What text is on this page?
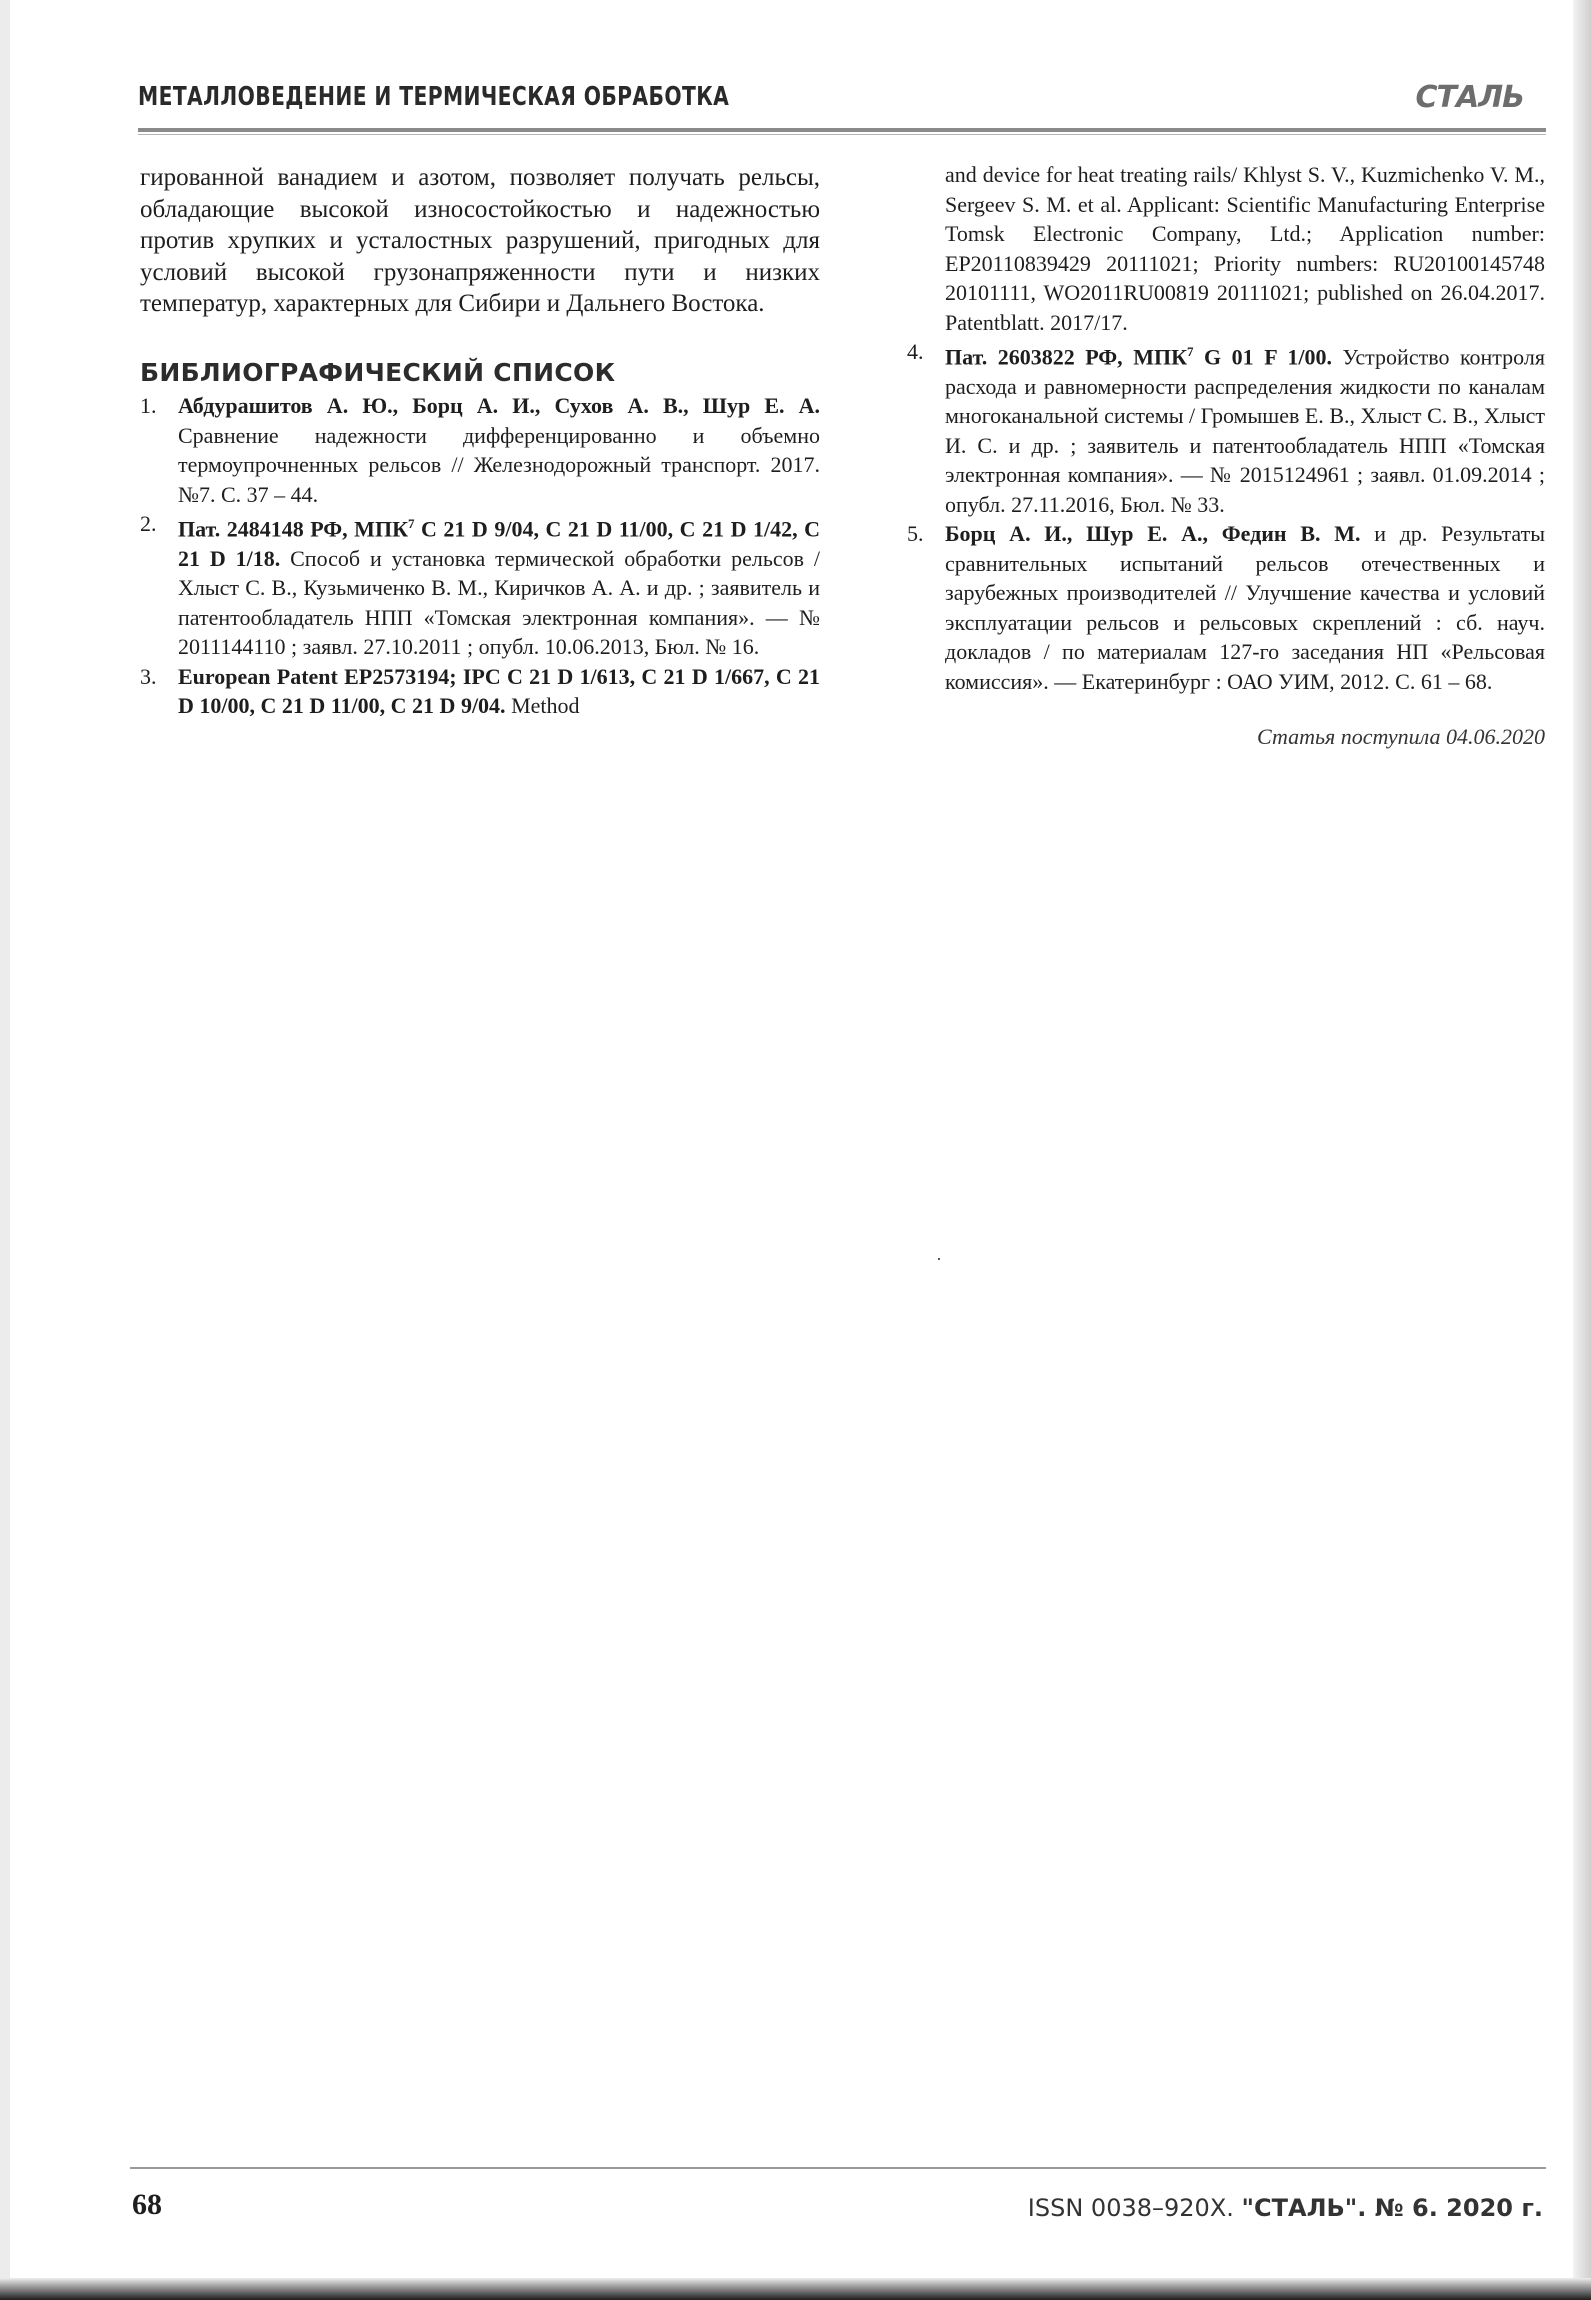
МЕТАЛЛОВЕДЕНИЕ И ТЕРМИЧЕСКАЯ ОБРАБОТКА	СТАЛЬ

гированной ванадием и азотом, позволяет получать рельсы, обладающие высокой износостойкостью и надежностью против хрупких и усталостных разрушений, пригодных для условий высокой грузонапряженности пути и низких температур, характерных для Сибири и Дальнего Востока.

БИБЛИОГРАФИЧЕСКИЙ СПИСОК

1. Абдурашитов А. Ю., Борц А. И., Сухов А. В., Шур Е. А. Сравнение надежности дифференцированно и объемно термоупрочненных рельсов // Железнодорожный транспорт. 2017. №7. С. 37 – 44.

2. Пат. 2484148 РФ, МПК$^7$ C 21 D 9/04, C 21 D 11/00, C 21 D 1/42, C 21 D 1/18. Способ и установка термической обработки рельсов / Хлыст С. В., Кузьмиченко В. М., Киричков А. А. и др. ; заявитель и патентообладатель НПП «Томская электронная компания». — № 2011144110 ; заявл. 27.10.2011 ; опубл. 10.06.2013, Бюл. № 16.

3. European Patent EP2573194; IPC C 21 D 1/613, C 21 D 1/667, C 21 D 10/00, C 21 D 11/00, C 21 D 9/04. Method

and device for heat treating rails/ Khlyst S. V., Kuzmichenko V. M., Sergeev S. M. et al. Applicant: Scientific Manufacturing Enterprise Tomsk Electronic Company, Ltd.; Application number: EP20110839429 20111021; Priority numbers: RU20100145748 20101111, WO2011RU00819 20111021; published on 26.04.2017. Patentblatt. 2017/17.

4. Пат. 2603822 РФ, МПК$^7$ G 01 F 1/00. Устройство контроля расхода и равномерности распределения жидкости по каналам многоканальной системы / Громышев Е. В., Хлыст С. В., Хлыст И. С. и др. ; заявитель и патентообладатель НПП «Томская электронная компания». — № 2015124961 ; заявл. 01.09.2014 ; опубл. 27.11.2016, Бюл. № 33.

5. Борц А. И., Шур Е. А., Федин В. М. и др. Результаты сравнительных испытаний рельсов отечественных и зарубежных производителей // Улучшение качества и условий эксплуатации рельсов и рельсовых скреплений : сб. науч. докладов / по материалам 127-го заседания НП «Рельсовая комиссия». — Екатеринбург : ОАО УИМ, 2012. С. 61 – 68.

Статья поступила 04.06.2020
68	ISSN 0038–920X. "СТАЛЬ". № 6. 2020 г.
